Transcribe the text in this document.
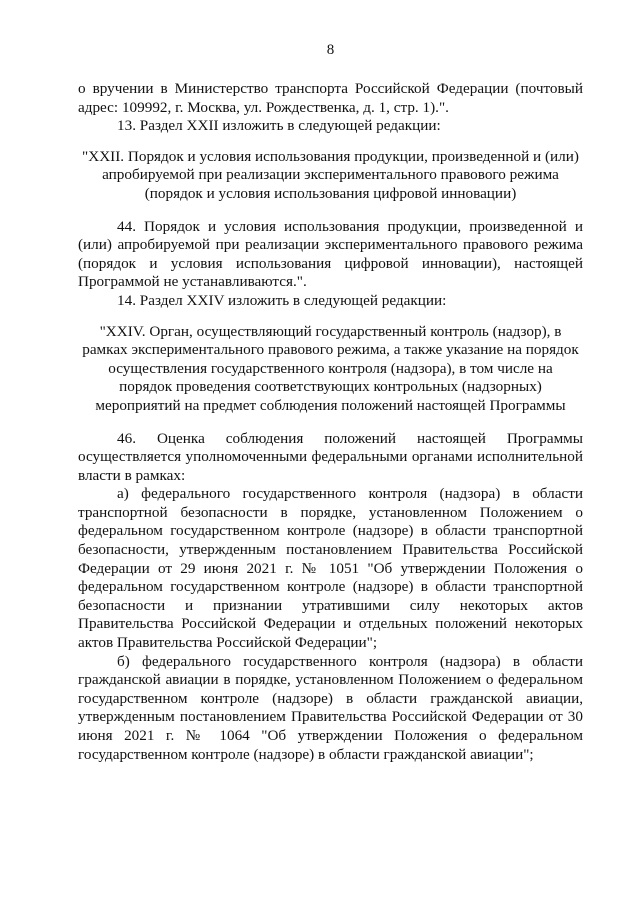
8

о вручении в Министерство транспорта Российской Федерации (почтовый адрес: 109992, г. Москва, ул. Рождественка, д. 1, стр. 1).".

13. Раздел XXII изложить в следующей редакции:

"XXII. Порядок и условия использования продукции, произведенной и (или) апробируемой при реализации экспериментального правового режима (порядок и условия использования цифровой инновации)

44. Порядок и условия использования продукции, произведенной и (или) апробируемой при реализации экспериментального правового режима (порядок и условия использования цифровой инновации), настоящей Программой не устанавливаются.".

14. Раздел XXIV изложить в следующей редакции:

"XXIV. Орган, осуществляющий государственный контроль (надзор), в рамках экспериментального правового режима, а также указание на порядок осуществления государственного контроля (надзора), в том числе на порядок проведения соответствующих контрольных (надзорных) мероприятий на предмет соблюдения положений настоящей Программы

46. Оценка соблюдения положений настоящей Программы осуществляется уполномоченными федеральными органами исполнительной власти в рамках:

а) федерального государственного контроля (надзора) в области транспортной безопасности в порядке, установленном Положением о федеральном государственном контроле (надзоре) в области транспортной безопасности, утвержденным постановлением Правительства Российской Федерации от 29 июня 2021 г. № 1051 "Об утверждении Положения о федеральном государственном контроле (надзоре) в области транспортной безопасности и признании утратившими силу некоторых актов Правительства Российской Федерации и отдельных положений некоторых актов Правительства Российской Федерации";

б) федерального государственного контроля (надзора) в области гражданской авиации в порядке, установленном Положением о федеральном государственном контроле (надзоре) в области гражданской авиации, утвержденным постановлением Правительства Российской Федерации от 30 июня 2021 г. № 1064 "Об утверждении Положения о федеральном государственном контроле (надзоре) в области гражданской авиации";
